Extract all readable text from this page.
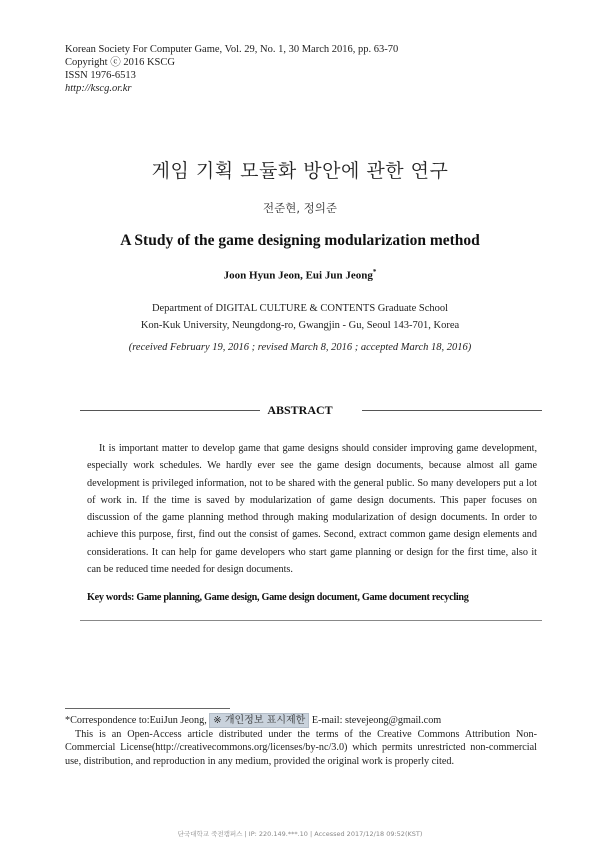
Korean Society For Computer Game, Vol. 29, No. 1, 30 March 2016, pp. 63-70
Copyright ⓒ 2016 KSCG
ISSN 1976-6513
http://kscg.or.kr
게임 기획 모듈화 방안에 관한 연구
전준현, 정의준
A Study of the game designing modularization method
Joon Hyun Jeon, Eui Jun Jeong*
Department of DIGITAL CULTURE & CONTENTS Graduate School
Kon-Kuk University, Neungdong-ro, Gwangjin - Gu, Seoul 143-701, Korea
(received February 19, 2016 ; revised March 8, 2016 ; accepted March 18, 2016)
ABSTRACT
It is important matter to develop game that game designs should consider improving game development, especially work schedules. We hardly ever see the game design documents, because almost all game development is privileged information, not to be shared with the general public. So many developers put a lot of work in. If the time is saved by modularization of game design documents. This paper focuses on discussion of the game planning method through making modularization of design documents. In order to achieve this purpose, first, find out the consist of games. Second, extract common game design elements and considerations. It can help for game developers who start game planning or design for the first time, also it can be reduced time needed for design documents.
Key words: Game planning, Game design, Game design document, Game document recycling
*Correspondence to:EuiJun Jeong, ※ 개인정보 표시제한 E-mail: stevejeong@gmail.com
This is an Open-Access article distributed under the terms of the Creative Commons Attribution Non-Commercial License(http://creativecommons.org/licenses/by-nc/3.0) which permits unrestricted non-commercial use, distribution, and reproduction in any medium, provided the original work is properly cited.
단국대학교 죽전캠퍼스 | IP: 220.149.***.10 | Accessed 2017/12/18 09:52(KST)
